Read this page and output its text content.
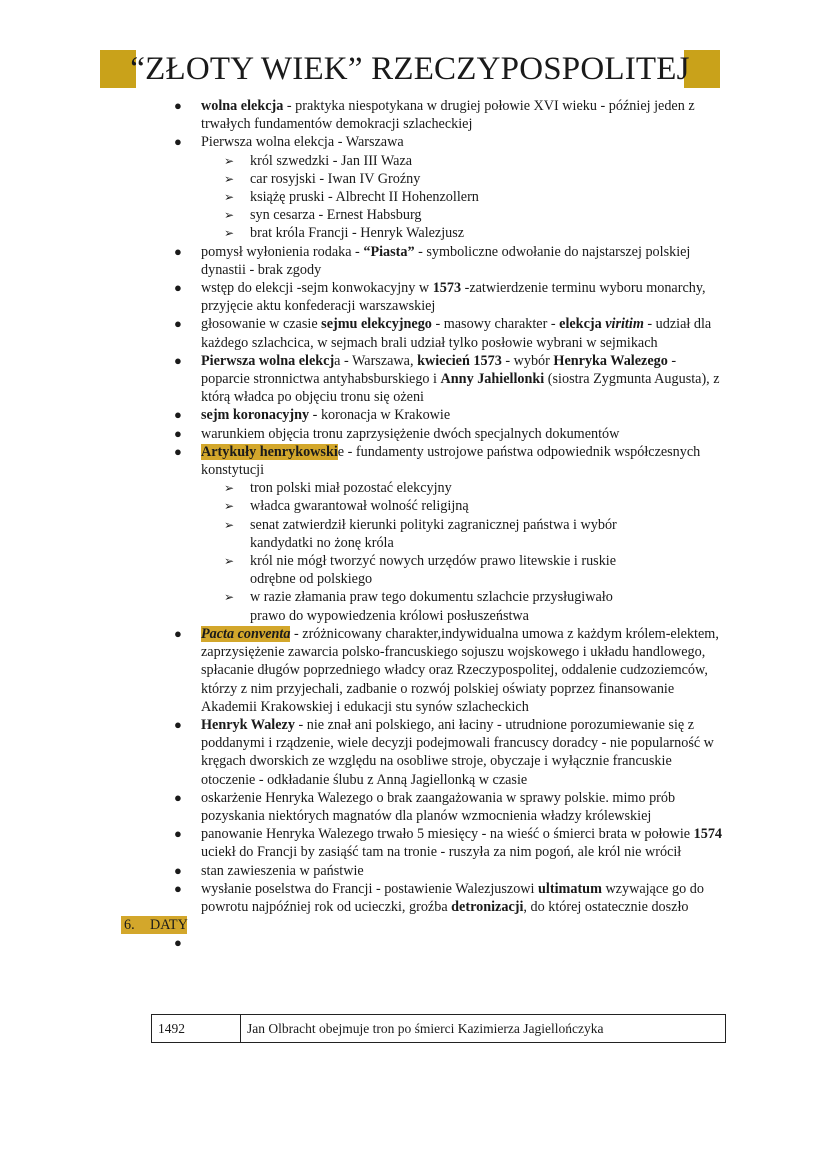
“ZŁOTY WIEK” RZECZYPOSPOLITEJ
● wolna elekcja - praktyka niespotykana w drugiej połowie XVI wieku - później jeden z trwałych fundamentów demokracji szlacheckiej
● Pierwsza wolna elekcja - Warszawa
➢ król szwedzki - Jan III Waza
➢ car rosyjski - Iwan IV Groźny
➢ książę pruski - Albrecht II Hohenzollern
➢ syn cesarza - Ernest Habsburg
➢ brat króla Francji - Henryk Walezjusz
● pomysł wyłonienia rodaka - “Piasta” - symboliczne odwołanie do najstarszej polskiej dynastii - brak zgody
● wstęp do elekcji -sejm konwokacyjny w 1573 -zatwierdzenie terminu wyboru monarchy, przyjęcie aktu konfederacji warszawskiej
● głosowanie w czasie sejmu elekcyjnego - masowy charakter - elekcja viritim - udział dla każdego szlachcica, w sejmach brali udział tylko posłowie wybrani w sejmikach
● Pierwsza wolna elekcja - Warszawa, kwiecień 1573 - wybór Henryka Walezego - poparcie stronnictwa antyhabsburskiego i Anny Jahiellonki (siostra Zygmunta Augusta), z którą władca po objęciu tronu się ożeni
● sejm koronacyjny - koronacja w Krakowie
● warunkiem objęcia tronu zaprzysiężenie dwóch specjalnych dokumentów
● Artykuły henrykowskie - fundamenty ustrojowe państwa odpowiednik współczesnych konstytucji
➢ tron polski miał pozostać elekcyjny
➢ władca gwarantował wolność religijną
➢ senat zatwierdził kierunki polityki zagranicznej państwa i wybór kandydatki no żonę króla
➢ król nie mógł tworzyć nowych urzędów prawo litewskie i ruskie odrębne od polskiego
➢ w razie złamania praw tego dokumentu szlachcie przysługiwało prawo do wypowiedzenia królowi posłuszeństwa
● Pacta conventa - zróżnicowany charakter,indywidualna umowa z każdym królem-elektem, zaprzysiężenie zawarcia polsko-francuskiego sojuszu wojskowego i układu handlowego, spłacanie długów poprzedniego władcy oraz Rzeczypospolitej, oddalenie cudzoziemców, którzy z nim przyjechali, zadbanie o rozwój polskiej oświaty poprzez finansowanie Akademii Krakowskiej i edukacji stu synów szlacheckich
● Henryk Walezy - nie znał ani polskiego, ani łaciny - utrudnione porozumiewanie się z poddanymi i rządzenie, wiele decyzji podejmowali francuscy doradcy - nie popularność w kręgach dworskich ze względu na osobliwe stroje, obyczaje i wyłącznie francuskie otoczenie - odkładanie ślubu z Anną Jagiellonką w czasie
● oskarżenie Henryka Walezego o brak zaangażowania w sprawy polskie. mimo prób pozyskania niektórych magnatów dla planów wzmocnienia władzy królewskiej
● panowanie Henryka Walezego trwało 5 miesięcy - na wieść o śmierci brata w połowie 1574 uciekł do Francji by zasiąść tam na tronie - ruszyła za nim pogoń, ale król nie wrócił
● stan zawieszenia w państwie
● wysłanie poselstwa do Francji - postawienie Walezjuszowi ultimatum wzywające go do powrotu najpóźniej rok od ucieczki, groźba detronizacji, do której ostatecznie doszło
6. DATY
●
1492	Jan Olbracht obejmuje tron po śmierci Kazimierza Jagiellończyka
